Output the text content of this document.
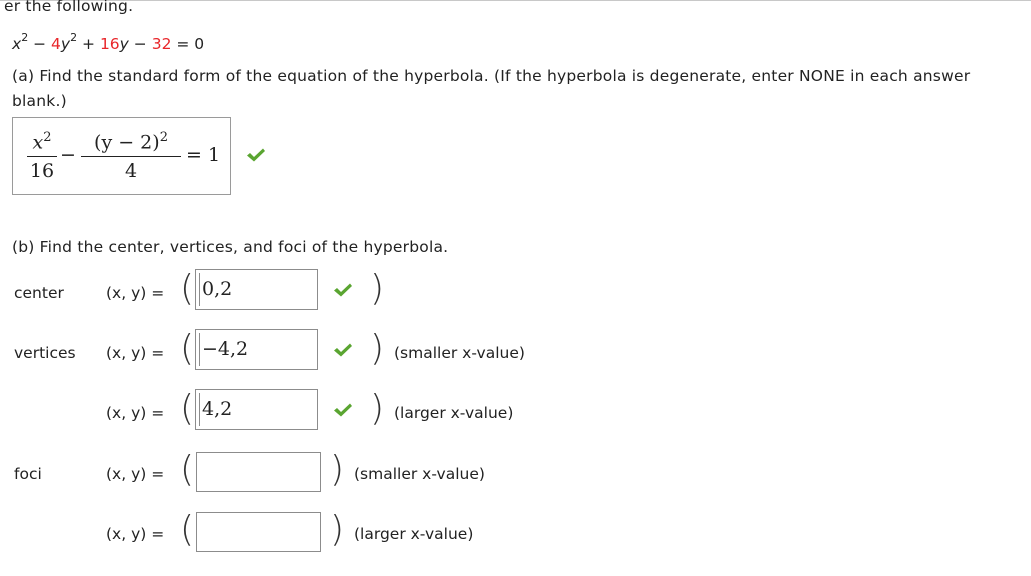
er the following.
$x^2 - 4y^2 + 16y - 32 = 0$
(a) Find the standard form of the equation of the hyperbola. (If the hyperbola is degenerate, enter NONE in each answer
blank.)
$x^2$
16
−
$(y - 2)^2$
4
= 1
(b) Find the center, vertices, and foci of the hyperbola.
center	(x, y) = ( 0,2	)
vertices (x, y) = ( −4,2	) (smaller x-value)
(x, y) = ( 4,2	) (larger x-value)
foci	(x, y) = (	) (smaller x-value)
(x, y) = (	) (larger x-value)
